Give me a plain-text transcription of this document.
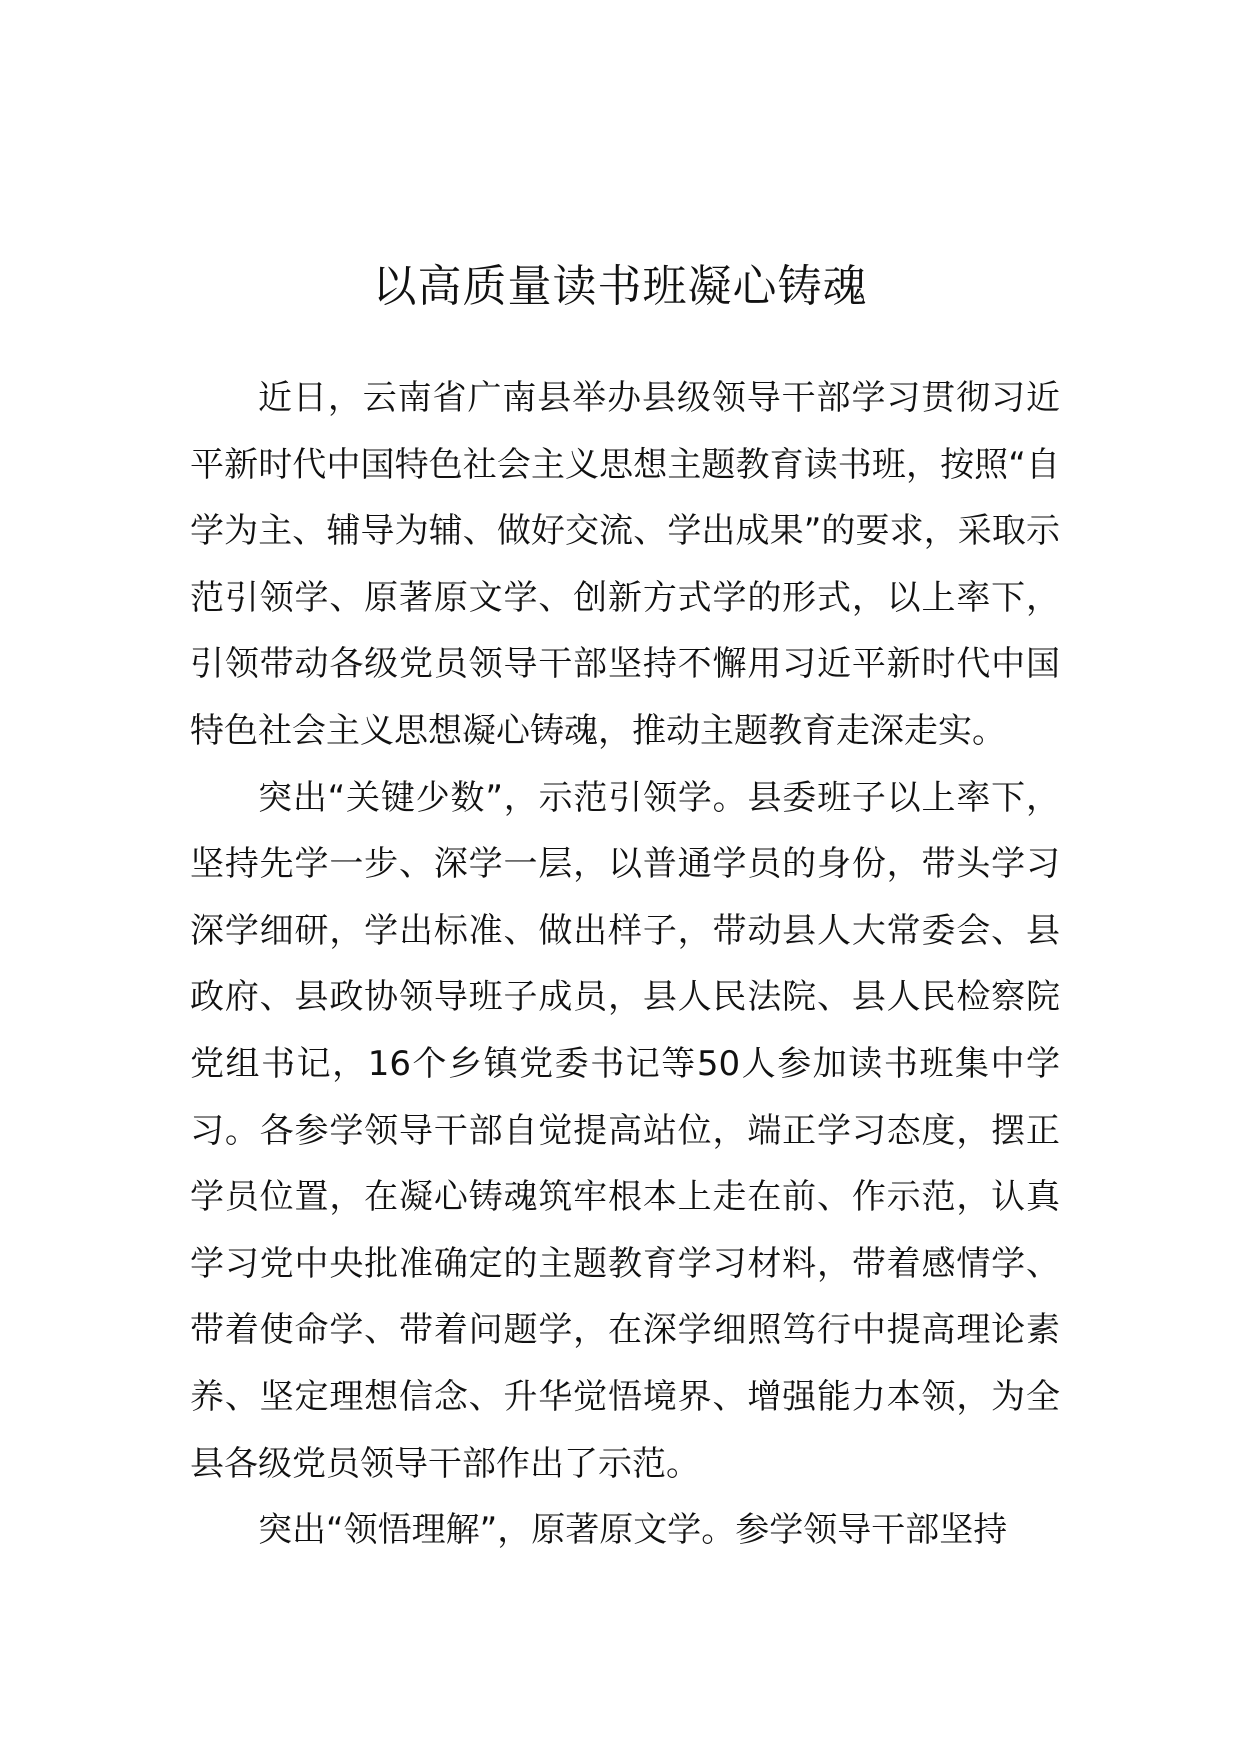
以高质量读书班凝心铸魂

近日，云南省广南县举办县级领导干部学习贯彻习近平新时代中国特色社会主义思想主题教育读书班，按照“自学为主、辅导为辅、做好交流、学出成果”的要求，采取示范引领学、原著原文学、创新方式学的形式，以上率下，引领带动各级党员领导干部坚持不懈用习近平新时代中国特色社会主义思想凝心铸魂，推动主题教育走深走实。

突出“关键少数”，示范引领学。县委班子以上率下，坚持先学一步、深学一层，以普通学员的身份，带头学习深学细研，学出标准、做出样子，带动县人大常委会、县政府、县政协领导班子成员，县人民法院、县人民检察院党组书记，16个乡镇党委书记等50人参加读书班集中学习。各参学领导干部自觉提高站位，端正学习态度，摆正学员位置，在凝心铸魂筑牢根本上走在前、作示范，认真学习党中央批准确定的主题教育学习材料，带着感情学、带着使命学、带着问题学，在深学细照笃行中提高理论素养、坚定理想信念、升华觉悟境界、增强能力本领，为全县各级党员领导干部作出了示范。

突出“领悟理解”，原著原文学。参学领导干部坚持
